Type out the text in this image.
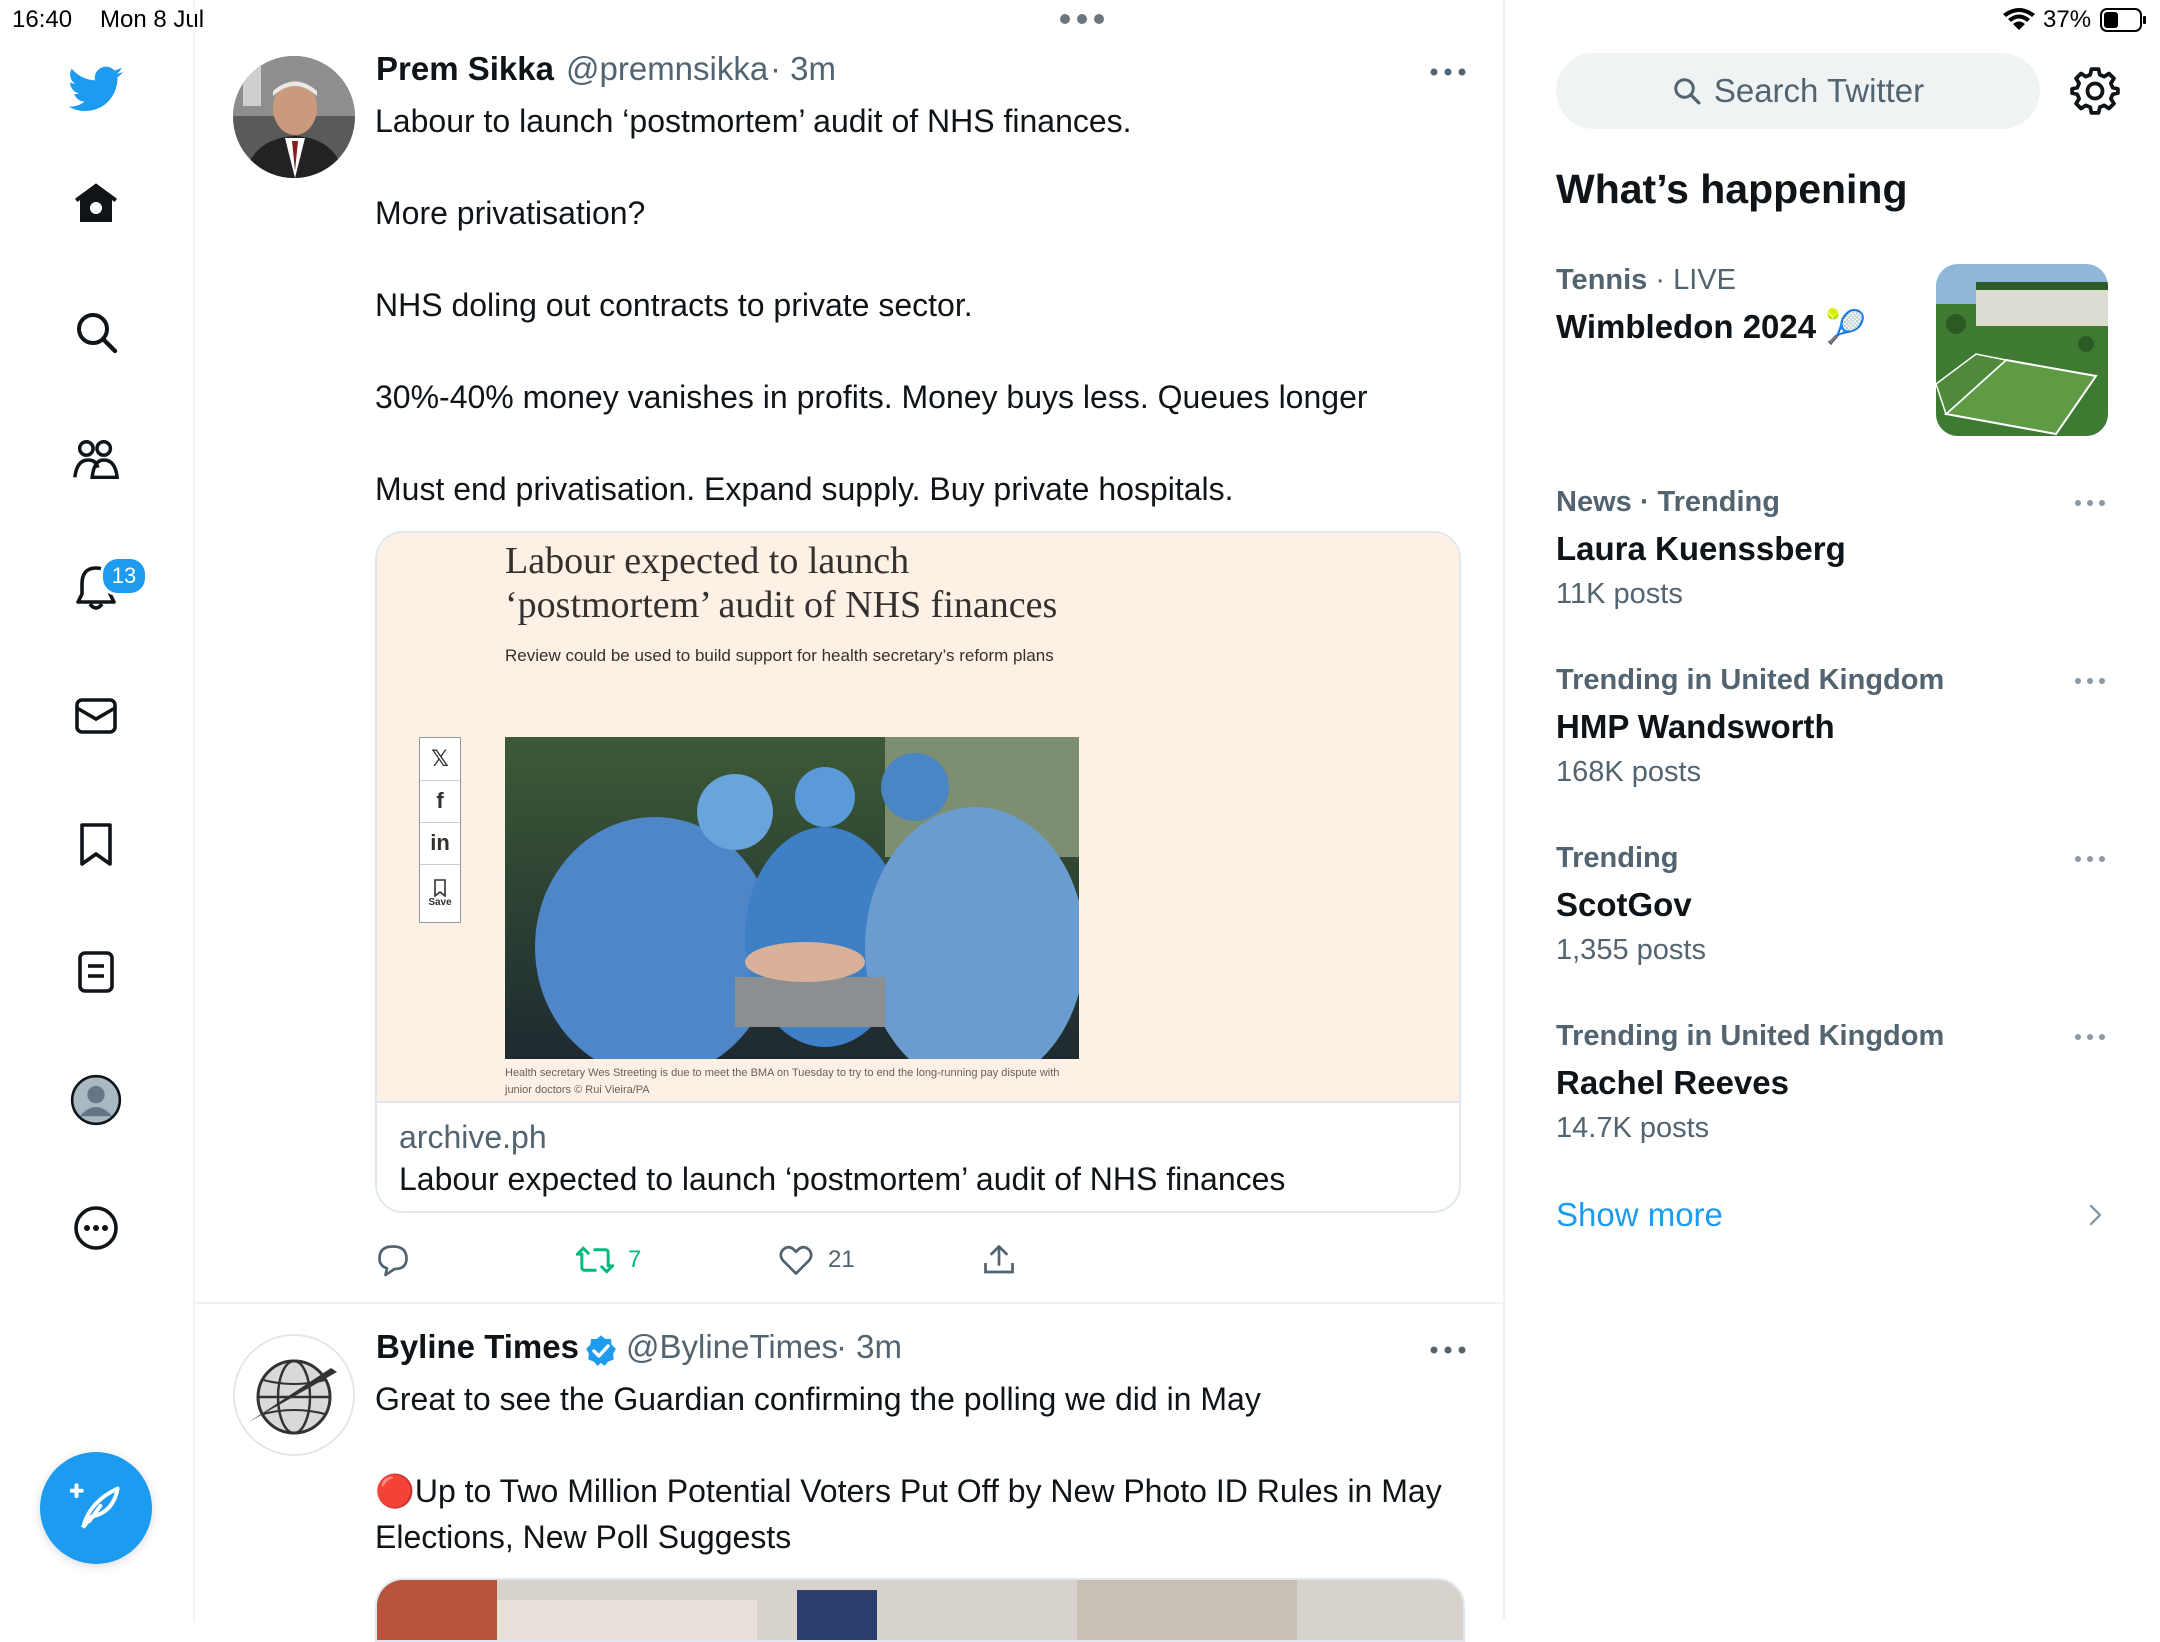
16:40 Mon 8 Jul	37%
13
Prem Sikka @premnsikka · 3m
Labour to launch ‘postmortem’ audit of NHS finances.

More privatisation?

NHS doling out contracts to private sector.

30%-40% money vanishes in profits. Money buys less. Queues longer

Must end privatisation. Expand supply. Buy private hospitals.
Labour expected to launch ‘postmortem’ audit of NHS finances
Review could be used to build support for health secretary’s reform plans
𝕏
f
in
Save
Health secretary Wes Streeting is due to meet the BMA on Tuesday to try to end the long-running pay dispute with junior doctors © Rui Vieira/PA
archive.ph
Labour expected to launch ‘postmortem’ audit of NHS finances
7	21
Byline Times @BylineTimes
· 3m
Great to see the Guardian confirming the polling we did in May

🔴Up to Two Million Potential Voters Put Off by New Photo ID Rules in May Elections, New Poll Suggests
Search Twitter
What’s happening
Tennis · LIVE
Wimbledon 2024 🎾
News · Trending
Laura Kuenssberg
11K posts
Trending in United Kingdom
HMP Wandsworth
168K posts
Trending
ScotGov
1,355 posts
Trending in United Kingdom
Rachel Reeves
14.7K posts
Show more
